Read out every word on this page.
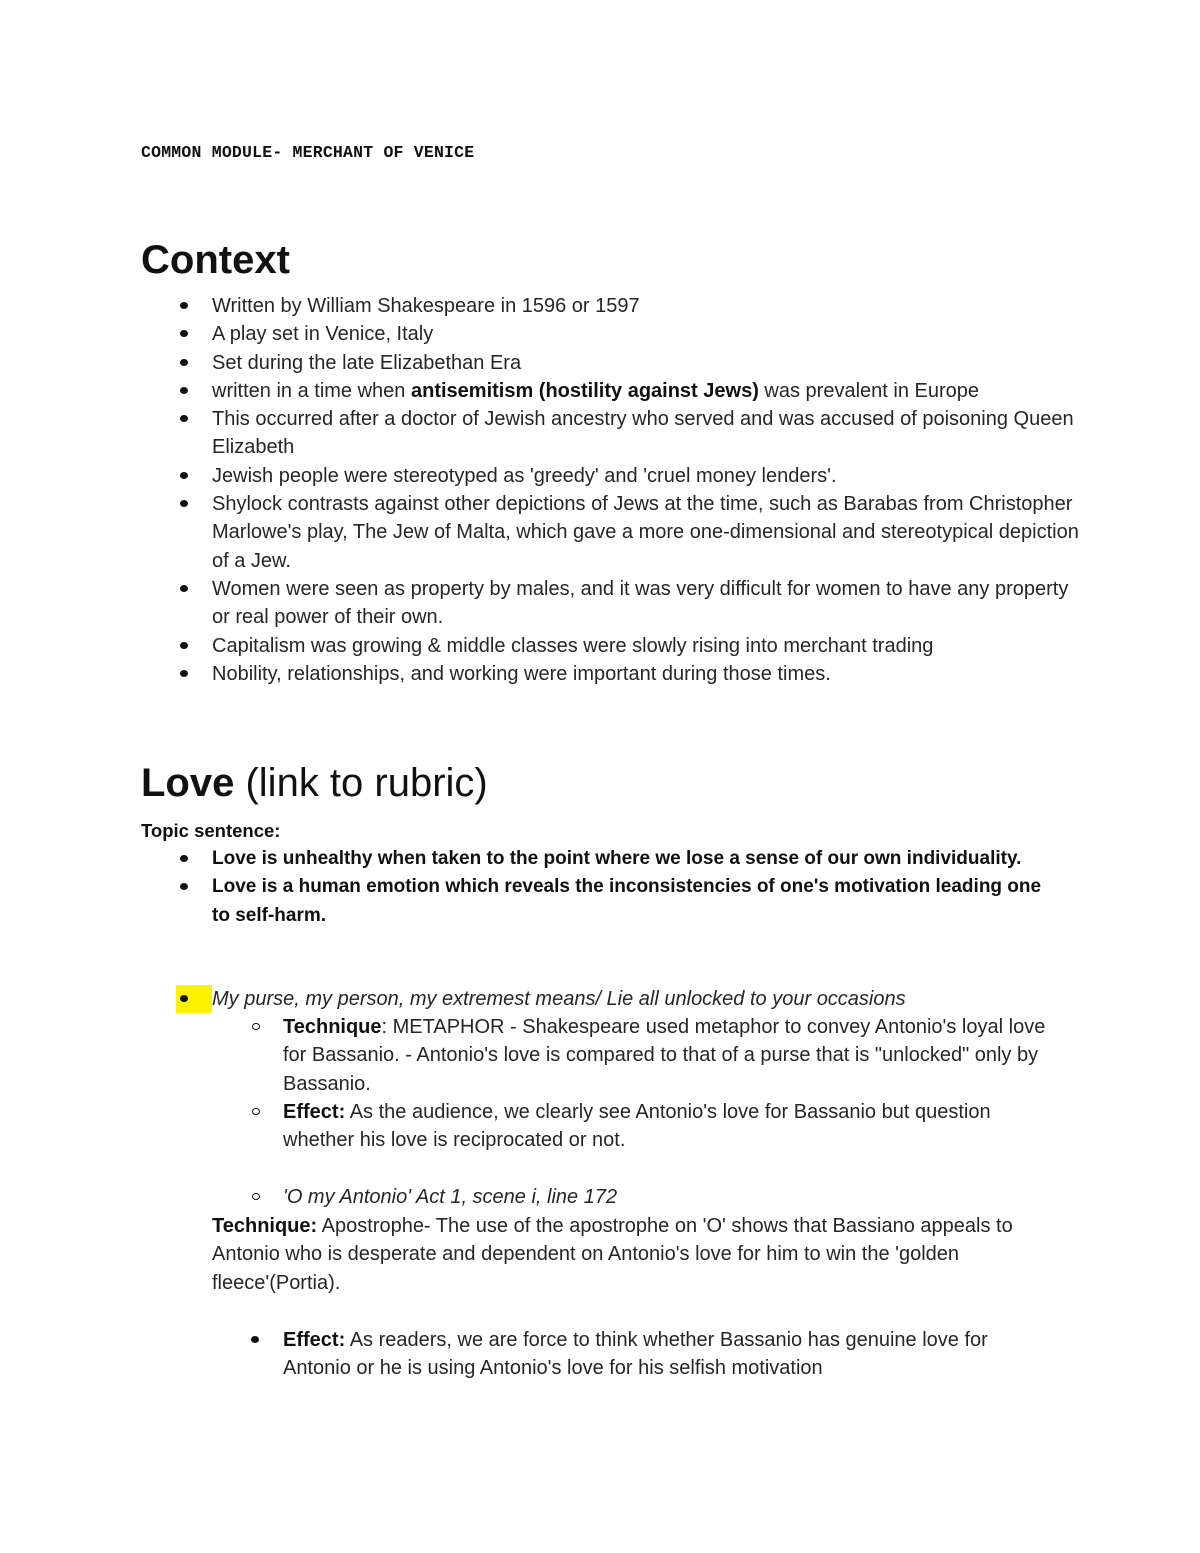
COMMON MODULE- MERCHANT OF VENICE

Context
Written by William Shakespeare in 1596 or 1597
A play set in Venice, Italy
Set during the late Elizabethan Era
written in a time when antisemitism (hostility against Jews) was prevalent in Europe
This occurred after a doctor of Jewish ancestry who served and was accused of poisoning Queen Elizabeth
Jewish people were stereotyped as 'greedy' and 'cruel money lenders'.
Shylock contrasts against other depictions of Jews at the time, such as Barabas from Christopher Marlowe's play, The Jew of Malta, which gave a more one-dimensional and stereotypical depiction of a Jew.
Women were seen as property by males, and it was very difficult for women to have any property or real power of their own.
Capitalism was growing & middle classes were slowly rising into merchant trading
Nobility, relationships, and working were important during those times.
Love (link to rubric)
Topic sentence:
Love is unhealthy when taken to the point where we lose a sense of our own individuality.
Love is a human emotion which reveals the inconsistencies of one's motivation leading one to self-harm.
My purse, my person, my extremest means/ Lie all unlocked to your occasions
Technique: METAPHOR - Shakespeare used metaphor to convey Antonio's loyal love for Bassanio. - Antonio's love is compared to that of a purse that is "unlocked" only by Bassanio.
Effect: As the audience, we clearly see Antonio's love for Bassanio but question whether his love is reciprocated or not.
'O my Antonio' Act 1, scene i, line 172
Technique: Apostrophe- The use of the apostrophe on 'O' shows that Bassiano appeals to Antonio who is desperate and dependent on Antonio's love for him to win the 'golden fleece'(Portia).
Effect: As readers, we are force to think whether Bassanio has genuine love for Antonio or he is using Antonio's love for his selfish motivation
